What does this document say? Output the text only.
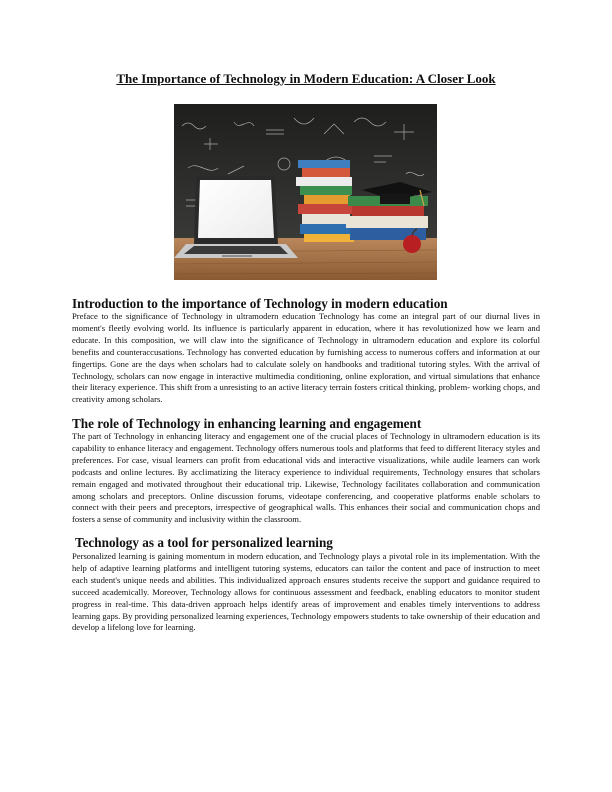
The Importance of Technology in Modern Education: A Closer Look
Introduction to the importance of Technology in modern education

Preface to the significance of Technology in ultramodern education Technology has come an integral part of our diurnal lives in moment's fleetly evolving world. Its influence is particularly apparent in education, where it has revolutionized how we learn and educate. In this composition, we will claw into the significance of Technology in ultramodern education and explore its colorful benefits and counteraccusations. Technology has converted education by furnishing access to numerous coffers and information at our fingertips. Gone are the days when scholars had to calculate solely on handbooks and traditional tutoring styles. With the arrival of Technology, scholars can now engage in interactive multimedia conditioning, online exploration, and virtual simulations that enhance their literacy experience. This shift from a unresisting to an active literacy terrain fosters critical thinking, problem- working chops, and creativity among scholars.

The role of Technology in enhancing learning and engagement

The part of Technology in enhancing literacy and engagement one of the crucial places of Technology in ultramodern education is its capability to enhance literacy and engagement. Technology offers numerous tools and platforms that feed to different literacy styles and preferences. For case, visual learners can profit from educational vids and interactive visualizations, while audile learners can work podcasts and online lectures. By acclimatizing the literacy experience to individual requirements, Technology ensures that scholars remain engaged and motivated throughout their educational trip. Likewise, Technology facilitates collaboration and communication among scholars and preceptors. Online discussion forums, videotape conferencing, and cooperative platforms enable scholars to connect with their peers and preceptors, irrespective of geographical walls. This enhances their social and communication chops and fosters a sense of community and inclusivity within the classroom.

Technology as a tool for personalized learning

Personalized learning is gaining momentum in modern education, and Technology plays a pivotal role in its implementation. With the help of adaptive learning platforms and intelligent tutoring systems, educators can tailor the content and pace of instruction to meet each student's unique needs and abilities. This individualized approach ensures students receive the support and guidance required to succeed academically. Moreover, Technology allows for continuous assessment and feedback, enabling educators to monitor student progress in real-time. This data-driven approach helps identify areas of improvement and enables timely interventions to address learning gaps. By providing personalized learning experiences, Technology empowers students to take ownership of their education and develop a lifelong love for learning.
